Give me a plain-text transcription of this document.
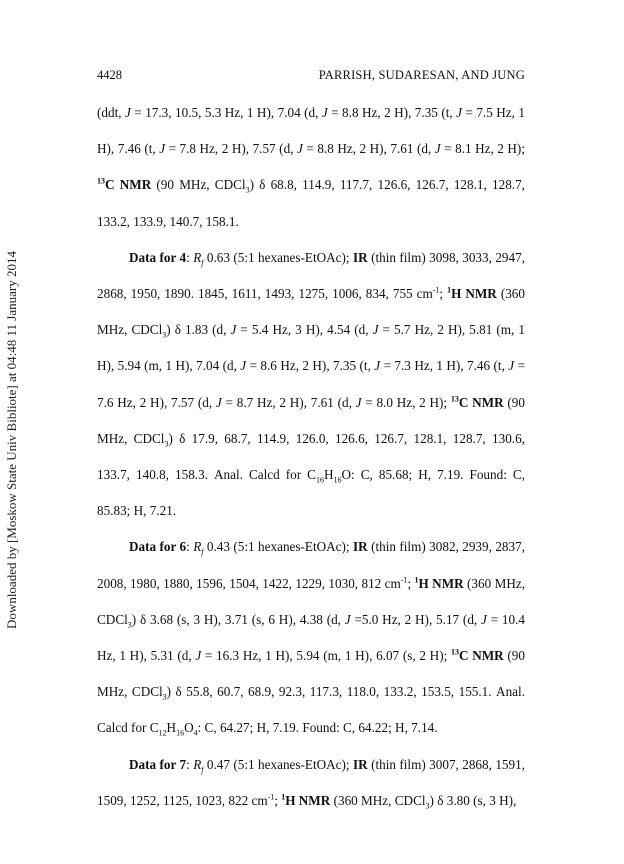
Downloaded by [Moskow State Univ Bibliote] at 04:48 11 January 2014
4428	PARRISH, SUDARESAN, AND JUNG

(ddt, J = 17.3, 10.5, 5.3 Hz, 1 H), 7.04 (d, J = 8.8 Hz, 2 H), 7.35 (t, J = 7.5 Hz, 1 H), 7.46 (t, J = 7.8 Hz, 2 H), 7.57 (d, J = 8.8 Hz, 2 H), 7.61 (d, J = 8.1 Hz, 2 H); $^{13}$C NMR (90 MHz, CDCl$_3$) δ 68.8, 114.9, 117.7, 126.6, 126.7, 128.1, 128.7, 133.2, 133.9, 140.7, 158.1.

Data for 4: $R_f$ 0.63 (5:1 hexanes-EtOAc); IR (thin film) 3098, 3033, 2947, 2868, 1950, 1890. 1845, 1611, 1493, 1275, 1006, 834, 755 $cm^{-1}$; $^1$H NMR (360 MHz, CDCl$_3$) δ 1.83 (d, J = 5.4 Hz, 3 H), 4.54 (d, J = 5.7 Hz, 2 H), 5.81 (m, 1 H), 5.94 (m, 1 H), 7.04 (d, J = 8.6 Hz, 2 H), 7.35 (t, J = 7.3 Hz, 1 H), 7.46 (t, J = 7.6 Hz, 2 H), 7.57 (d, J = 8.7 Hz, 2 H), 7.61 (d, J = 8.0 Hz, 2 H); $^{13}$C NMR (90 MHz, CDCl$_3$) δ 17.9, 68.7, 114.9, 126.0, 126.6, 126.7, 128.1, 128.7, 130.6, 133.7, 140.8, 158.3. Anal. Calcd for $C_{16}H_{16}O$: C, 85.68; H, 7.19. Found: C, 85.83; H, 7.21.

Data for 6: $R_f$ 0.43 (5:1 hexanes-EtOAc); IR (thin film) 3082, 2939, 2837, 2008, 1980, 1880, 1596, 1504, 1422, 1229, 1030, 812 $cm^{-1}$; $^1$H NMR (360 MHz, CDCl$_3$) δ 3.68 (s, 3 H), 3.71 (s, 6 H), 4.38 (d, J =5.0 Hz, 2 H), 5.17 (d, J = 10.4 Hz, 1 H), 5.31 (d, J = 16.3 Hz, 1 H), 5.94 (m, 1 H), 6.07 (s, 2 H); $^{13}$C NMR (90 MHz, CDCl$_3$) δ 55.8, 60.7, 68.9, 92.3, 117.3, 118.0, 133.2, 153.5, 155.1. Anal. Calcd for $C_{12}H_{16}O_4$: C, 64.27; H, 7.19. Found: C, 64.22; H, 7.14.

Data for 7: $R_f$ 0.47 (5:1 hexanes-EtOAc); IR (thin film) 3007, 2868, 1591, 1509, 1252, 1125, 1023, 822 $cm^{-1}$; $^1$H NMR (360 MHz, CDCl$_3$) δ 3.80 (s, 3 H),
